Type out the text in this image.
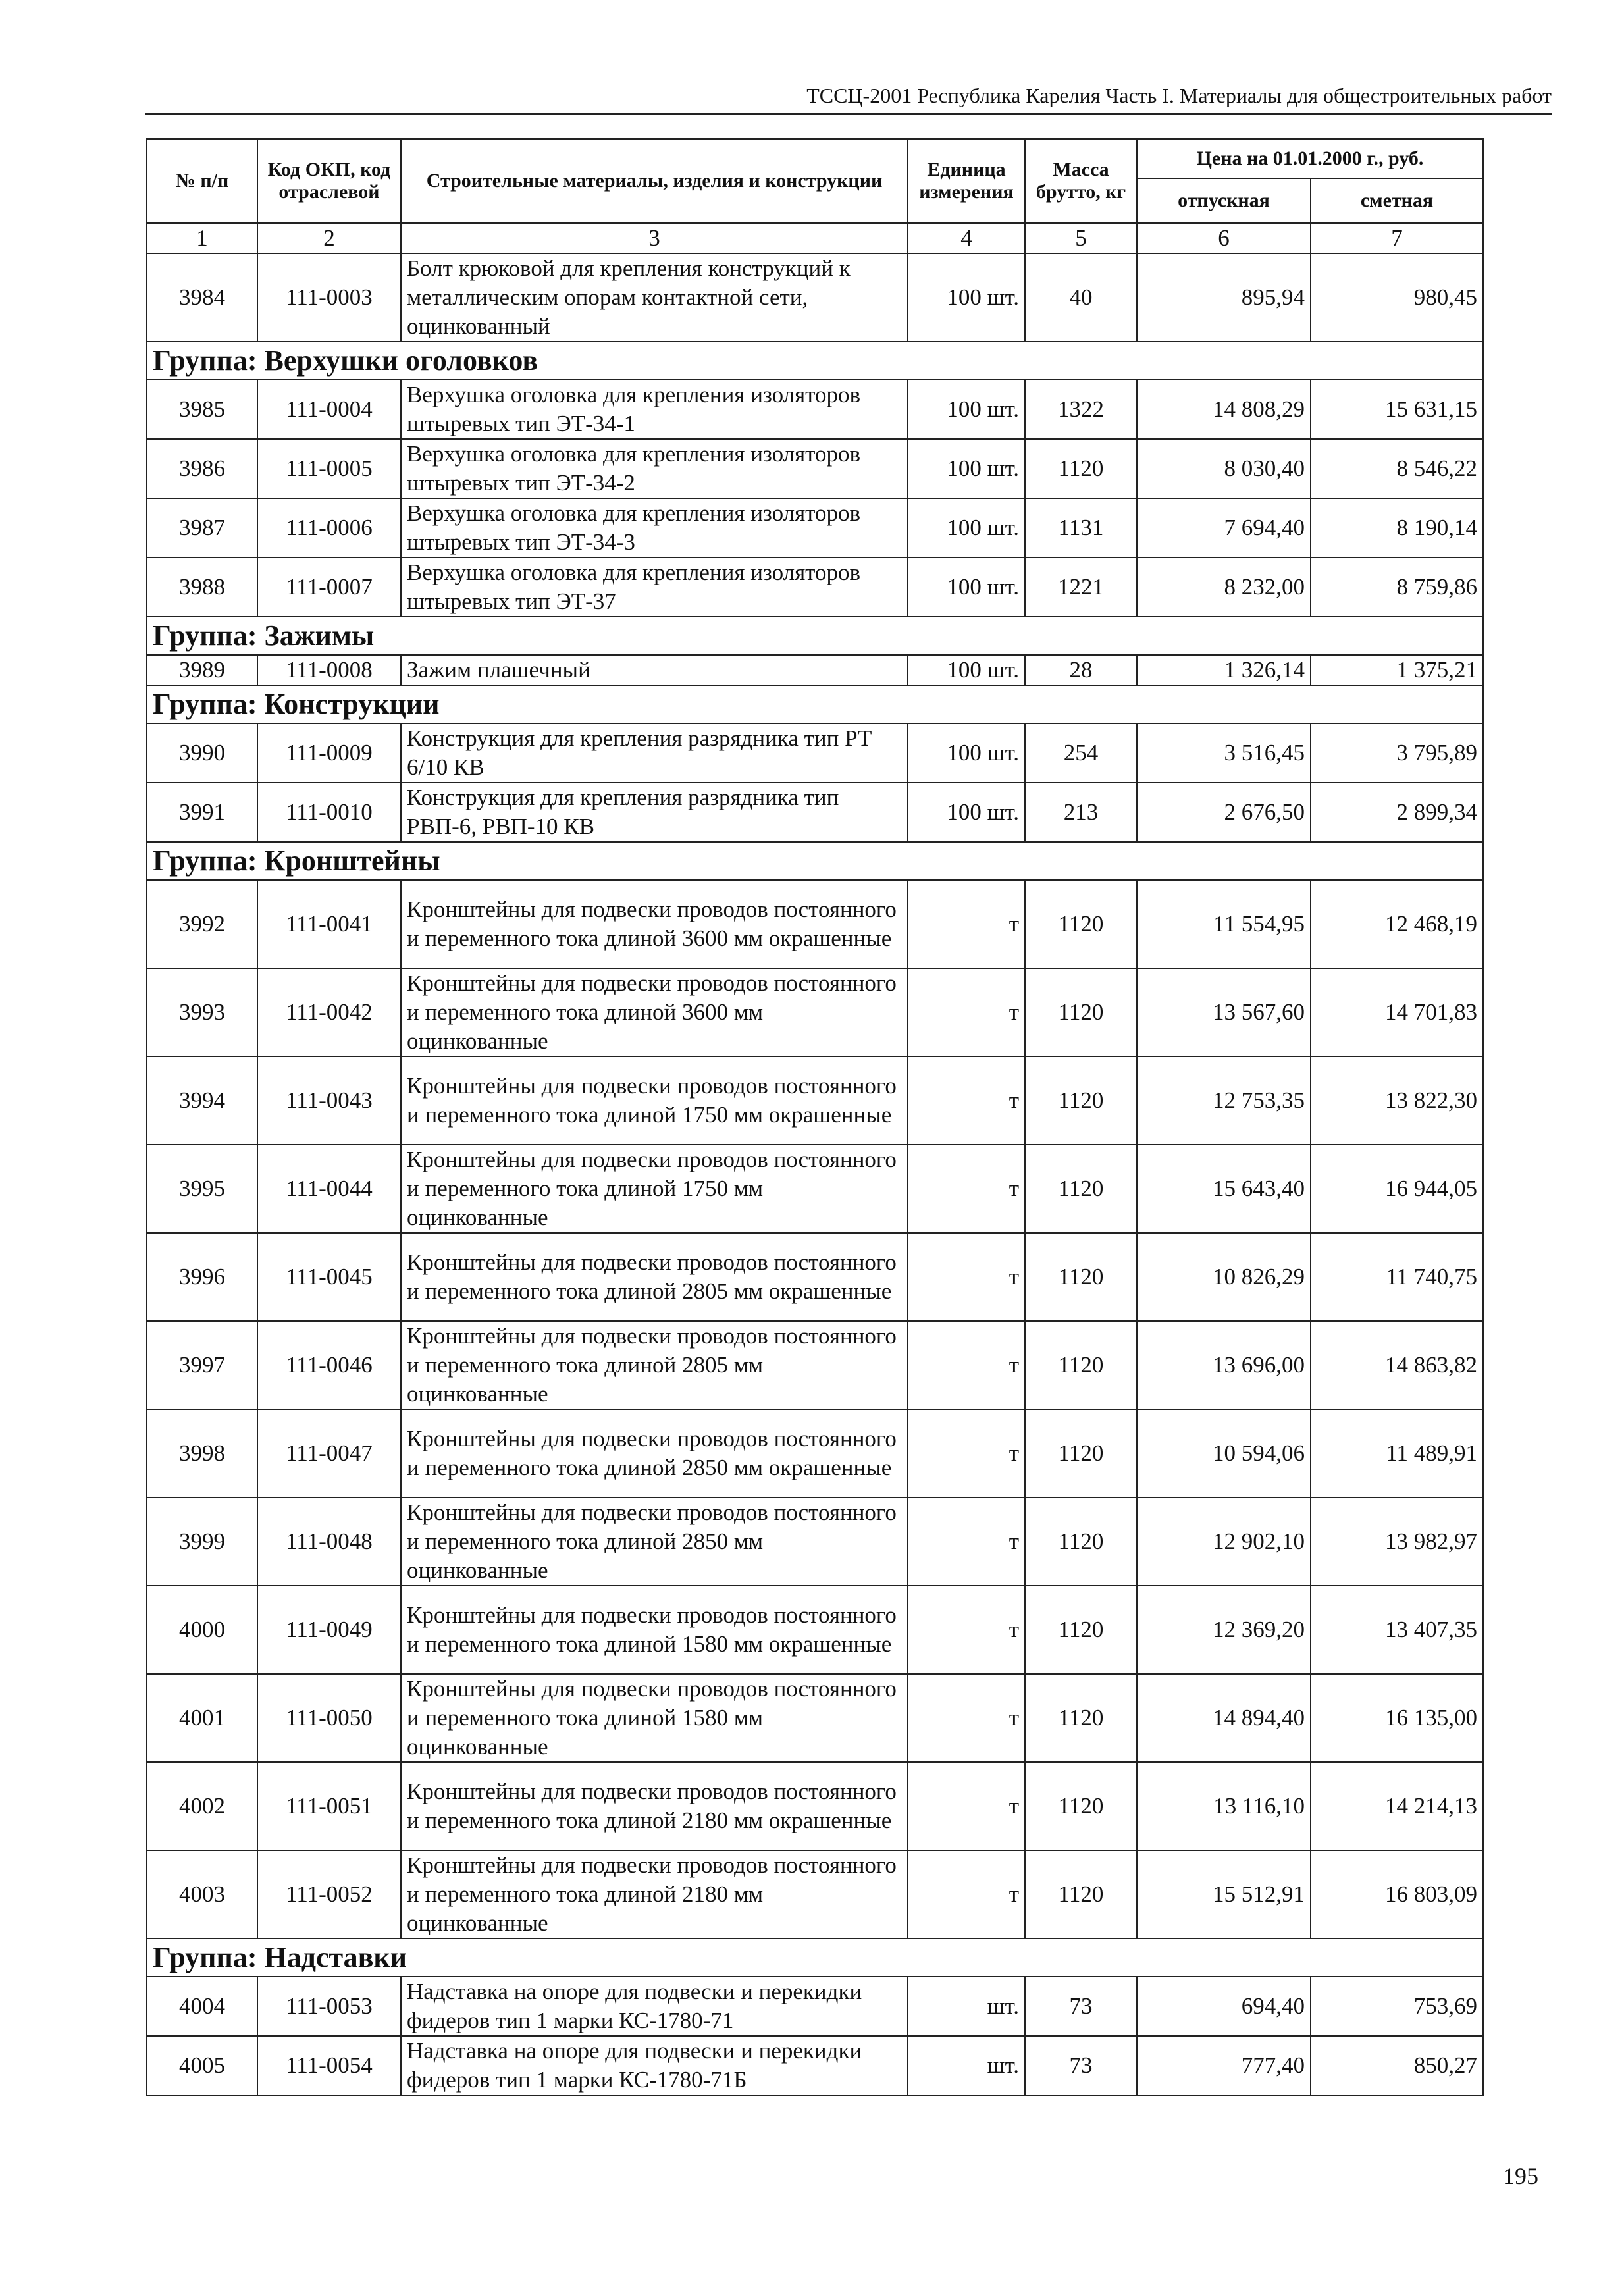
ТССЦ-2001 Республика Карелия Часть I. Материалы для общестроительных работ
№ п/п	Код ОКП, код отраслевой	Строительные материалы, изделия и конструкции	Единица измерения	Масса брутто, кг	Цена на 01.01.2000 г., руб.	
					отпускная	сметная
1	2	3	4	5	6	7
3984	111-0003	Болт крюковой для крепления конструкций к металлическим опорам контактной сети, оцинкованный	100 шт.	40	895,94	980,45
Группа: Верхушки оголовков						
3985	111-0004	Верхушка оголовка для крепления изоляторов штыревых тип ЭТ-34-1	100 шт.	1322	14 808,29	15 631,15
3986	111-0005	Верхушка оголовка для крепления изоляторов штыревых тип ЭТ-34-2	100 шт.	1120	8 030,40	8 546,22
3987	111-0006	Верхушка оголовка для крепления изоляторов штыревых тип ЭТ-34-3	100 шт.	1131	7 694,40	8 190,14
3988	111-0007	Верхушка оголовка для крепления изоляторов штыревых тип ЭТ-37	100 шт.	1221	8 232,00	8 759,86
Группа: Зажимы						
3989	111-0008	Зажим плашечный	100 шт.	28	1 326,14	1 375,21
Группа: Конструкции						
3990	111-0009	Конструкция для крепления разрядника тип РТ 6/10 КВ	100 шт.	254	3 516,45	3 795,89
3991	111-0010	Конструкция для крепления разрядника тип РВП-6, РВП-10 КВ	100 шт.	213	2 676,50	2 899,34
Группа: Кронштейны						
3992	111-0041	Кронштейны для подвески проводов постоянного и переменного тока длиной 3600 мм окрашенные	т	1120	11 554,95	12 468,19
3993	111-0042	Кронштейны для подвески проводов постоянного и переменного тока длиной 3600 мм оцинкованные	т	1120	13 567,60	14 701,83
3994	111-0043	Кронштейны для подвески проводов постоянного и переменного тока длиной 1750 мм окрашенные	т	1120	12 753,35	13 822,30
3995	111-0044	Кронштейны для подвески проводов постоянного и переменного тока длиной 1750 мм оцинкованные	т	1120	15 643,40	16 944,05
3996	111-0045	Кронштейны для подвески проводов постоянного и переменного тока длиной 2805 мм окрашенные	т	1120	10 826,29	11 740,75
3997	111-0046	Кронштейны для подвески проводов постоянного и переменного тока длиной 2805 мм оцинкованные	т	1120	13 696,00	14 863,82
3998	111-0047	Кронштейны для подвески проводов постоянного и переменного тока длиной 2850 мм окрашенные	т	1120	10 594,06	11 489,91
3999	111-0048	Кронштейны для подвески проводов постоянного и переменного тока длиной 2850 мм оцинкованные	т	1120	12 902,10	13 982,97
4000	111-0049	Кронштейны для подвески проводов постоянного и переменного тока длиной 1580 мм окрашенные	т	1120	12 369,20	13 407,35
4001	111-0050	Кронштейны для подвески проводов постоянного и переменного тока длиной 1580 мм оцинкованные	т	1120	14 894,40	16 135,00
4002	111-0051	Кронштейны для подвески проводов постоянного и переменного тока длиной 2180 мм окрашенные	т	1120	13 116,10	14 214,13
4003	111-0052	Кронштейны для подвески проводов постоянного и переменного тока длиной 2180 мм оцинкованные	т	1120	15 512,91	16 803,09
Группа: Надставки						
4004	111-0053	Надставка на опоре для подвески и перекидки фидеров тип 1 марки КС-1780-71	шт.	73	694,40	753,69
4005	111-0054	Надставка на опоре для подвески и перекидки фидеров тип 1 марки КС-1780-71Б	шт.	73	777,40	850,27
195
